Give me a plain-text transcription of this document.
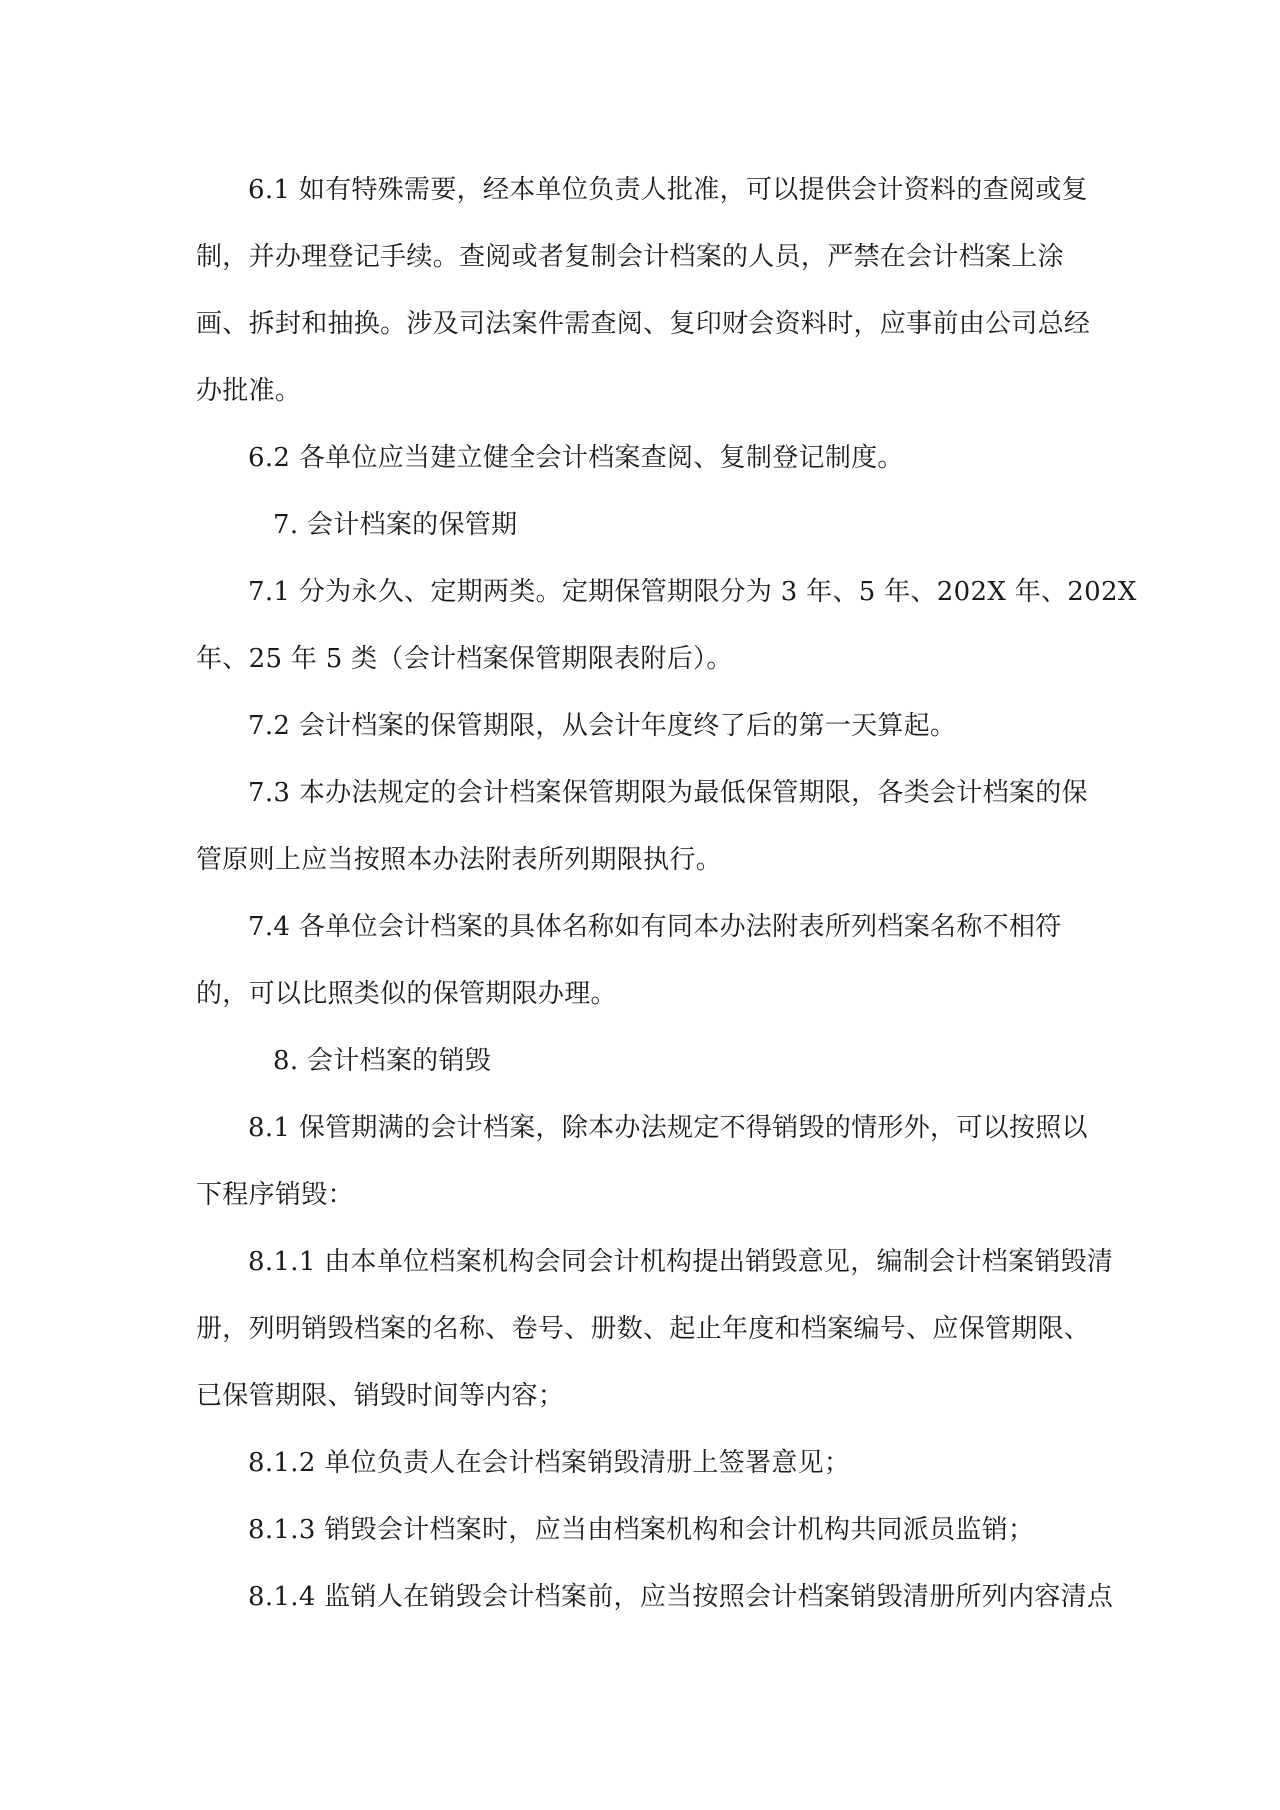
6.1 如有特殊需要，经本单位负责人批准，可以提供会计资料的查阅或复
制，并办理登记手续。查阅或者复制会计档案的人员，严禁在会计档案上涂
画、拆封和抽换。涉及司法案件需查阅、复印财会资料时，应事前由公司总经
办批准。
6.2 各单位应当建立健全会计档案查阅、复制登记制度。
7. 会计档案的保管期
7.1 分为永久、定期两类。定期保管期限分为 3 年、5 年、202X 年、202X
年、25 年 5 类（会计档案保管期限表附后）。
7.2 会计档案的保管期限，从会计年度终了后的第一天算起。
7.3 本办法规定的会计档案保管期限为最低保管期限，各类会计档案的保
管原则上应当按照本办法附表所列期限执行。
7.4 各单位会计档案的具体名称如有同本办法附表所列档案名称不相符
的，可以比照类似的保管期限办理。
8. 会计档案的销毁
8.1 保管期满的会计档案，除本办法规定不得销毁的情形外，可以按照以
下程序销毁：
8.1.1 由本单位档案机构会同会计机构提出销毁意见，编制会计档案销毁清
册，列明销毁档案的名称、卷号、册数、起止年度和档案编号、应保管期限、
已保管期限、销毁时间等内容；
8.1.2 单位负责人在会计档案销毁清册上签署意见；
8.1.3 销毁会计档案时，应当由档案机构和会计机构共同派员监销；
8.1.4 监销人在销毁会计档案前，应当按照会计档案销毁清册所列内容清点
